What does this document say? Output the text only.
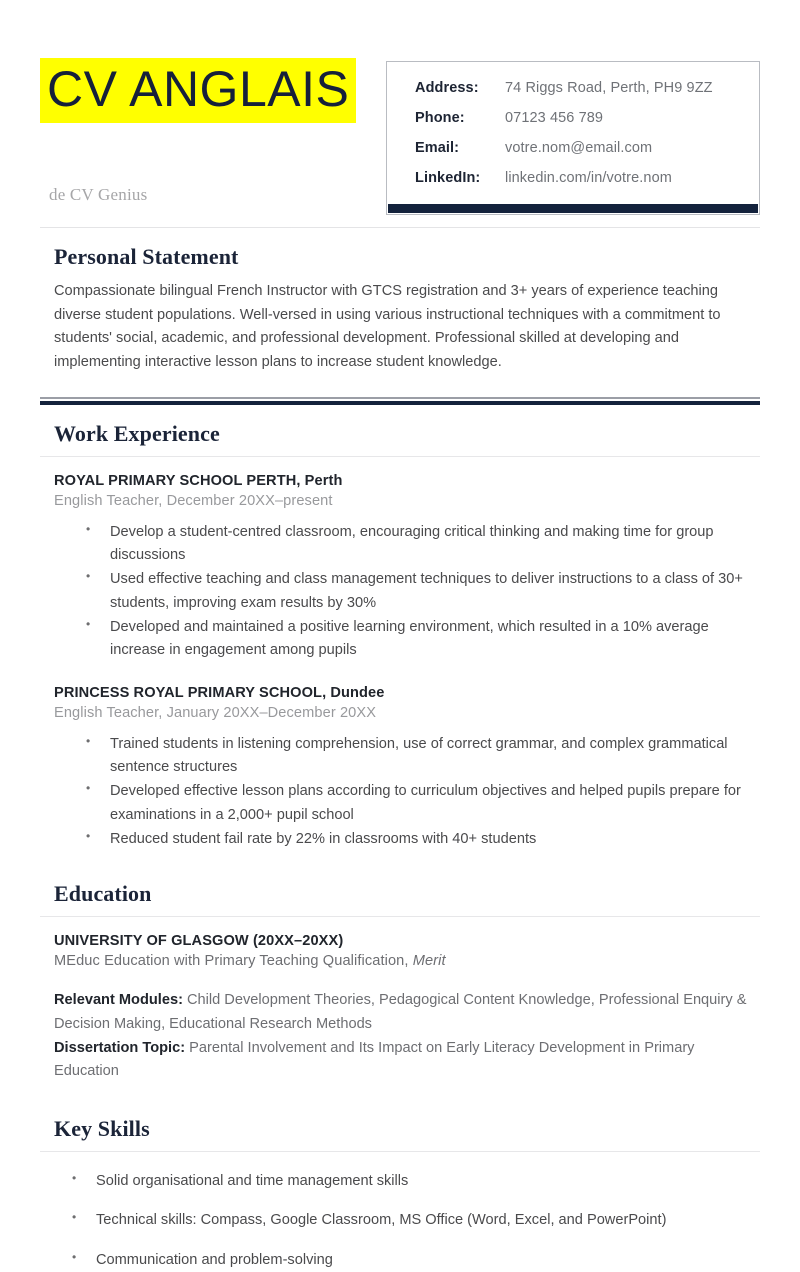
CV ANGLAIS
de CV Genius
Address:	74 Riggs Road, Perth, PH9 9ZZ
Phone:	07123 456 789
Email:	votre.nom@email.com
LinkedIn:	linkedin.com/in/votre.nom
Personal Statement

Compassionate bilingual French Instructor with GTCS registration and 3+ years of experience teaching diverse student populations. Well-versed in using various instructional techniques with a commitment to students' social, academic, and professional development. Professional skilled at developing and implementing interactive lesson plans to increase student knowledge.

Work Experience
ROYAL PRIMARY SCHOOL PERTH, Perth
English Teacher, December 20XX–present
• Develop a student-centred classroom, encouraging critical thinking and making time for group discussions
• Used effective teaching and class management techniques to deliver instructions to a class of 30+ students, improving exam results by 30%
• Developed and maintained a positive learning environment, which resulted in a 10% average increase in engagement among pupils
PRINCESS ROYAL PRIMARY SCHOOL, Dundee
English Teacher, January 20XX–December 20XX
• Trained students in listening comprehension, use of correct grammar, and complex grammatical sentence structures
• Developed effective lesson plans according to curriculum objectives and helped pupils prepare for examinations in a 2,000+ pupil school
• Reduced student fail rate by 22% in classrooms with 40+ students
Education
UNIVERSITY OF GLASGOW (20XX–20XX)
MEduc Education with Primary Teaching Qualification, Merit
Relevant Modules: Child Development Theories, Pedagogical Content Knowledge, Professional Enquiry & Decision Making, Educational Research Methods
Dissertation Topic: Parental Involvement and Its Impact on Early Literacy Development in Primary Education
Key Skills
• Solid organisational and time management skills
• Technical skills: Compass, Google Classroom, MS Office (Word, Excel, and PowerPoint)
• Communication and problem-solving
